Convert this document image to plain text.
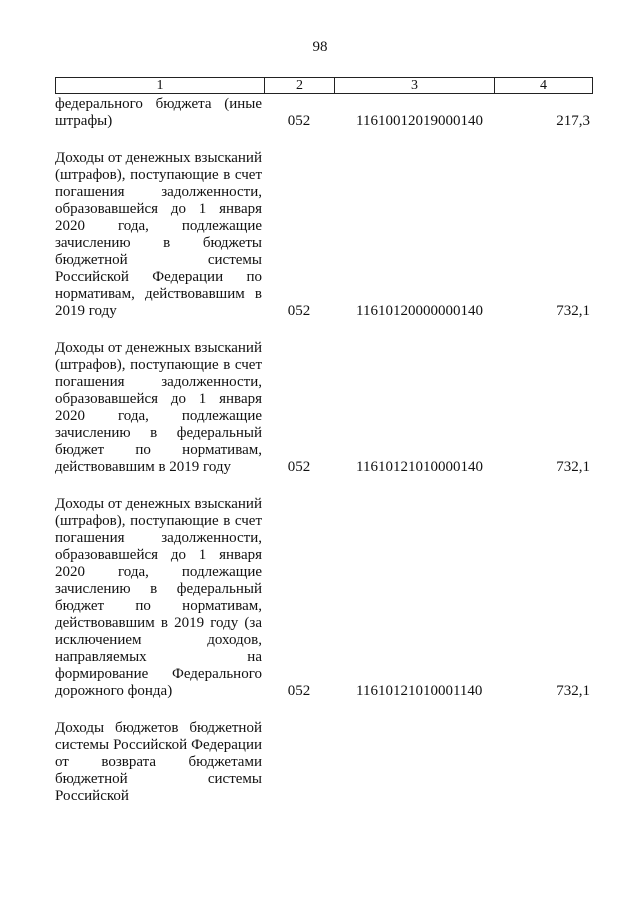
98
1	2	3	4
федерального бюджета (иные штрафы)	052	11610012019000140	217,3

Доходы от денежных взысканий (штрафов), поступающие в счет погашения задолженности, образовавшейся до 1 января 2020 года, подлежащие зачислению в бюджеты бюджетной системы Российской Федерации по нормативам, действовавшим в 2019 году	052	11610120000000140	732,1

Доходы от денежных взысканий (штрафов), поступающие в счет погашения задолженности, образовавшейся до 1 января 2020 года, подлежащие зачислению в федеральный бюджет по нормативам, действовавшим в 2019 году	052	11610121010000140	732,1

Доходы от денежных взысканий (штрафов), поступающие в счет погашения задолженности, образовавшейся до 1 января 2020 года, подлежащие зачислению в федеральный бюджет по нормативам, действовавшим в 2019 году (за исключением доходов, направляемых на формирование Федерального дорожного фонда)	052	11610121010001140	732,1

Доходы бюджетов бюджетной системы Российской Федерации от возврата бюджетами бюджетной системы Российской			
